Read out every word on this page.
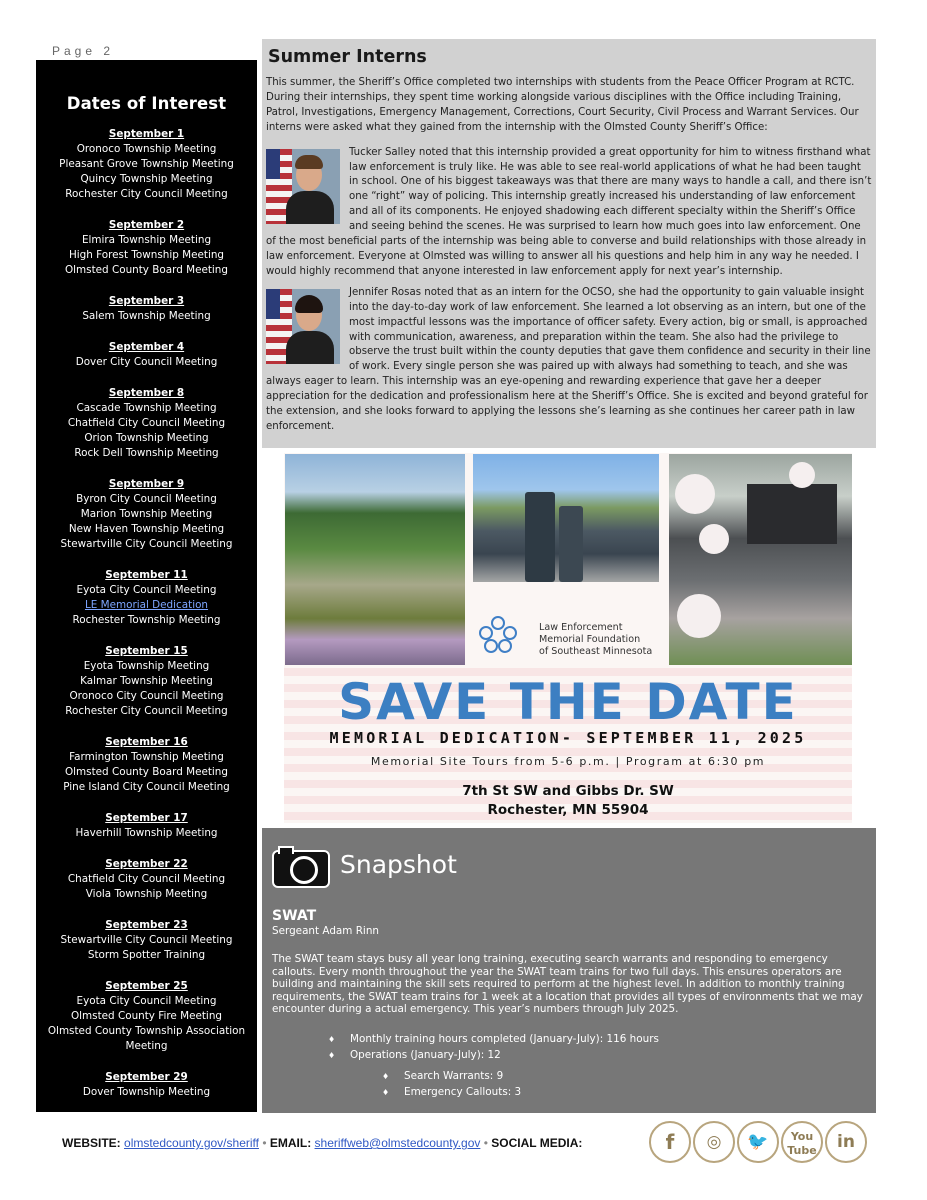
Page 2
Dates of Interest
September 1
Oronoco Township Meeting
Pleasant Grove Township Meeting
Quincy Township Meeting
Rochester City Council Meeting
September 2
Elmira Township Meeting
High Forest Township Meeting
Olmsted County Board Meeting
September 3
Salem Township Meeting
September 4
Dover City Council Meeting
September 8
Cascade Township Meeting
Chatfield City Council Meeting
Orion Township Meeting
Rock Dell Township Meeting
September 9
Byron City Council Meeting
Marion Township Meeting
New Haven Township Meeting
Stewartville City Council Meeting
September 11
Eyota City Council Meeting
LE Memorial Dedication
Rochester Township Meeting
September 15
Eyota Township Meeting
Kalmar Township Meeting
Oronoco City Council Meeting
Rochester City Council Meeting
September 16
Farmington Township Meeting
Olmsted County Board Meeting
Pine Island City Council Meeting
September 17
Haverhill Township Meeting
September 22
Chatfield City Council Meeting
Viola Township Meeting
September 23
Stewartville City Council Meeting
Storm Spotter Training
September 25
Eyota City Council Meeting
Olmsted County Fire Meeting
Olmsted County Township Association Meeting
September 29
Dover Township Meeting
Summer Interns

This summer, the Sheriff’s Office completed two internships with students from the Peace Officer Program at RCTC. During their internships, they spent time working alongside various disciplines with the Office including Training, Patrol, Investigations, Emergency Management, Corrections, Court Security, Civil Process and Warrant Services. Our interns were asked what they gained from the internship with the Olmsted County Sheriff’s Office:

Tucker Salley noted that this internship provided a great opportunity for him to witness firsthand what law enforcement is truly like. He was able to see real-world applications of what he had been taught in school. One of his biggest takeaways was that there are many ways to handle a call, and there isn’t one “right” way of policing. This internship greatly increased his understanding of law enforcement and all of its components. He enjoyed shadowing each different specialty within the Sheriff’s Office and seeing behind the scenes. He was surprised to learn how much goes into law enforcement. One of the most beneficial parts of the internship was being able to converse and build relationships with those already in law enforcement. Everyone at Olmsted was willing to answer all his questions and help him in any way he needed. I would highly recommend that anyone interested in law enforcement apply for next year’s internship.

Jennifer Rosas noted that as an intern for the OCSO, she had the opportunity to gain valuable insight into the day-to-day work of law enforcement. She learned a lot observing as an intern, but one of the most impactful lessons was the importance of officer safety. Every action, big or small, is approached with communication, awareness, and preparation within the team. She also had the privilege to observe the trust built within the county deputies that gave them confidence and security in their line of work. Every single person she was paired up with always had something to teach, and she was always eager to learn. This internship was an eye-opening and rewarding experience that gave her a deeper appreciation for the dedication and professionalism here at the Sheriff’s Office. She is excited and beyond grateful for the extension, and she looks forward to applying the lessons she’s learning as she continues her career path in law enforcement.

Law Enforcement
Memorial Foundation
of Southeast Minnesota
SAVE THE DATE
MEMORIAL DEDICATION- SEPTEMBER 11, 2025
Memorial Site Tours from 5-6 p.m. | Program at 6:30 pm
7th St SW and Gibbs Dr. SW
Rochester, MN 55904
Snapshot
SWAT
Sergeant Adam Rinn
The SWAT team stays busy all year long training, executing search warrants and responding to emergency callouts. Every month throughout the year the SWAT team trains for two full days. This ensures operators are building and maintaining the skill sets required to perform at the highest level. In addition to monthly training requirements, the SWAT team trains for 1 week at a location that provides all types of environments that we may encounter during a actual emergency. This year’s numbers through July 2025.
♦ Monthly training hours completed (January-July): 116 hours
♦ Operations (January-July): 12
♦ Search Warrants: 9
♦ Emergency Callouts: 3
WEBSITE: olmstedcounty.gov/sheriff • EMAIL: sheriffweb@olmstedcounty.gov • SOCIAL MEDIA:	f	◎	🐦	You
Tube	in
